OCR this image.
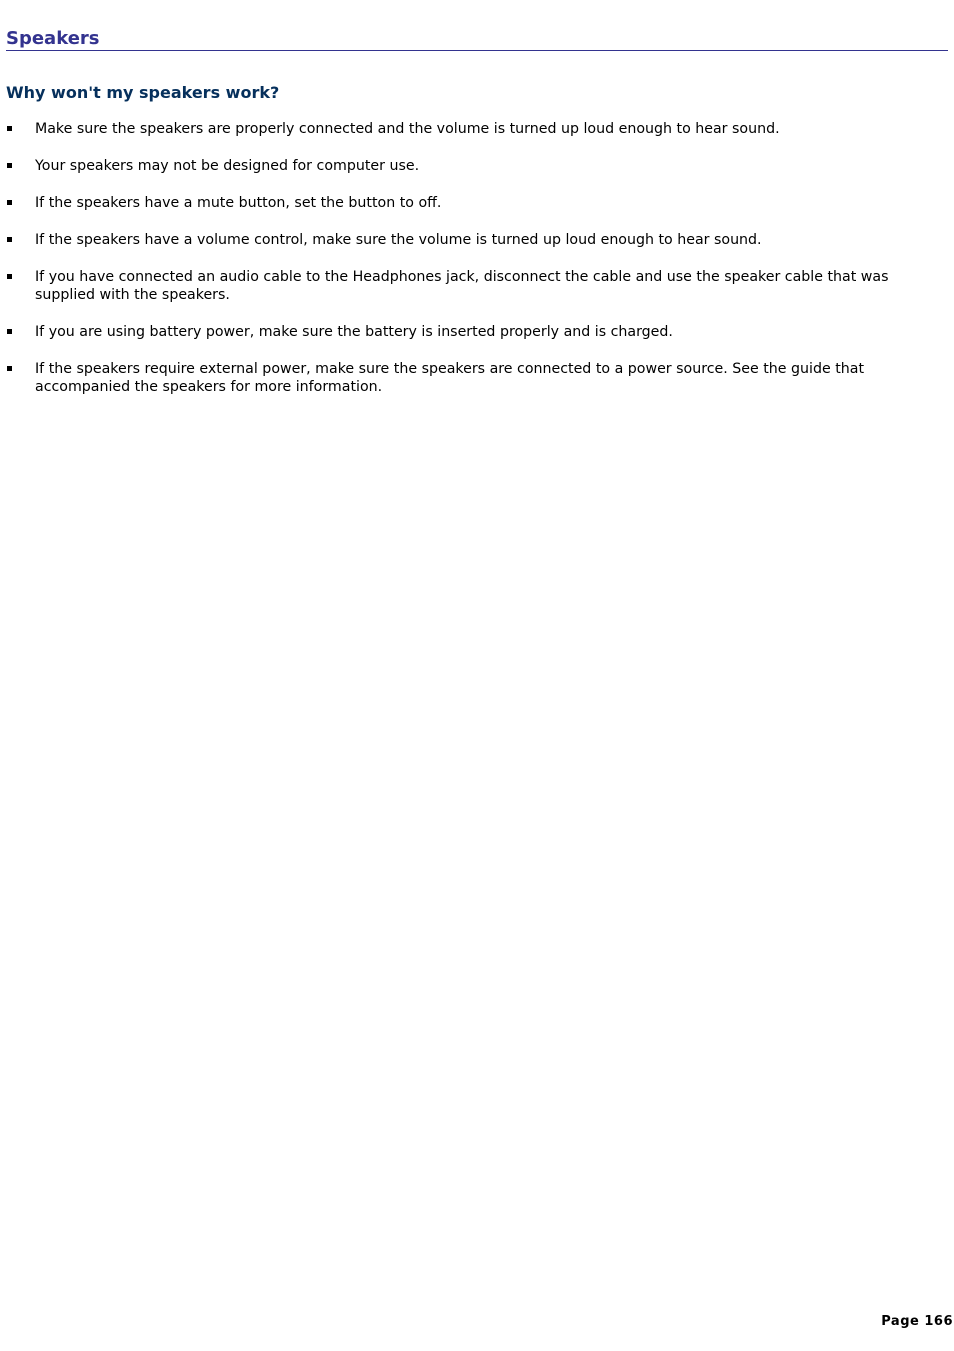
Speakers
Why won't my speakers work?
Make sure the speakers are properly connected and the volume is turned up loud enough to hear sound.
Your speakers may not be designed for computer use.
If the speakers have a mute button, set the button to off.
If the speakers have a volume control, make sure the volume is turned up loud enough to hear sound.
If you have connected an audio cable to the Headphones jack, disconnect the cable and use the speaker cable that was supplied with the speakers.
If you are using battery power, make sure the battery is inserted properly and is charged.
If the speakers require external power, make sure the speakers are connected to a power source. See the guide that accompanied the speakers for more information.
Page 166
